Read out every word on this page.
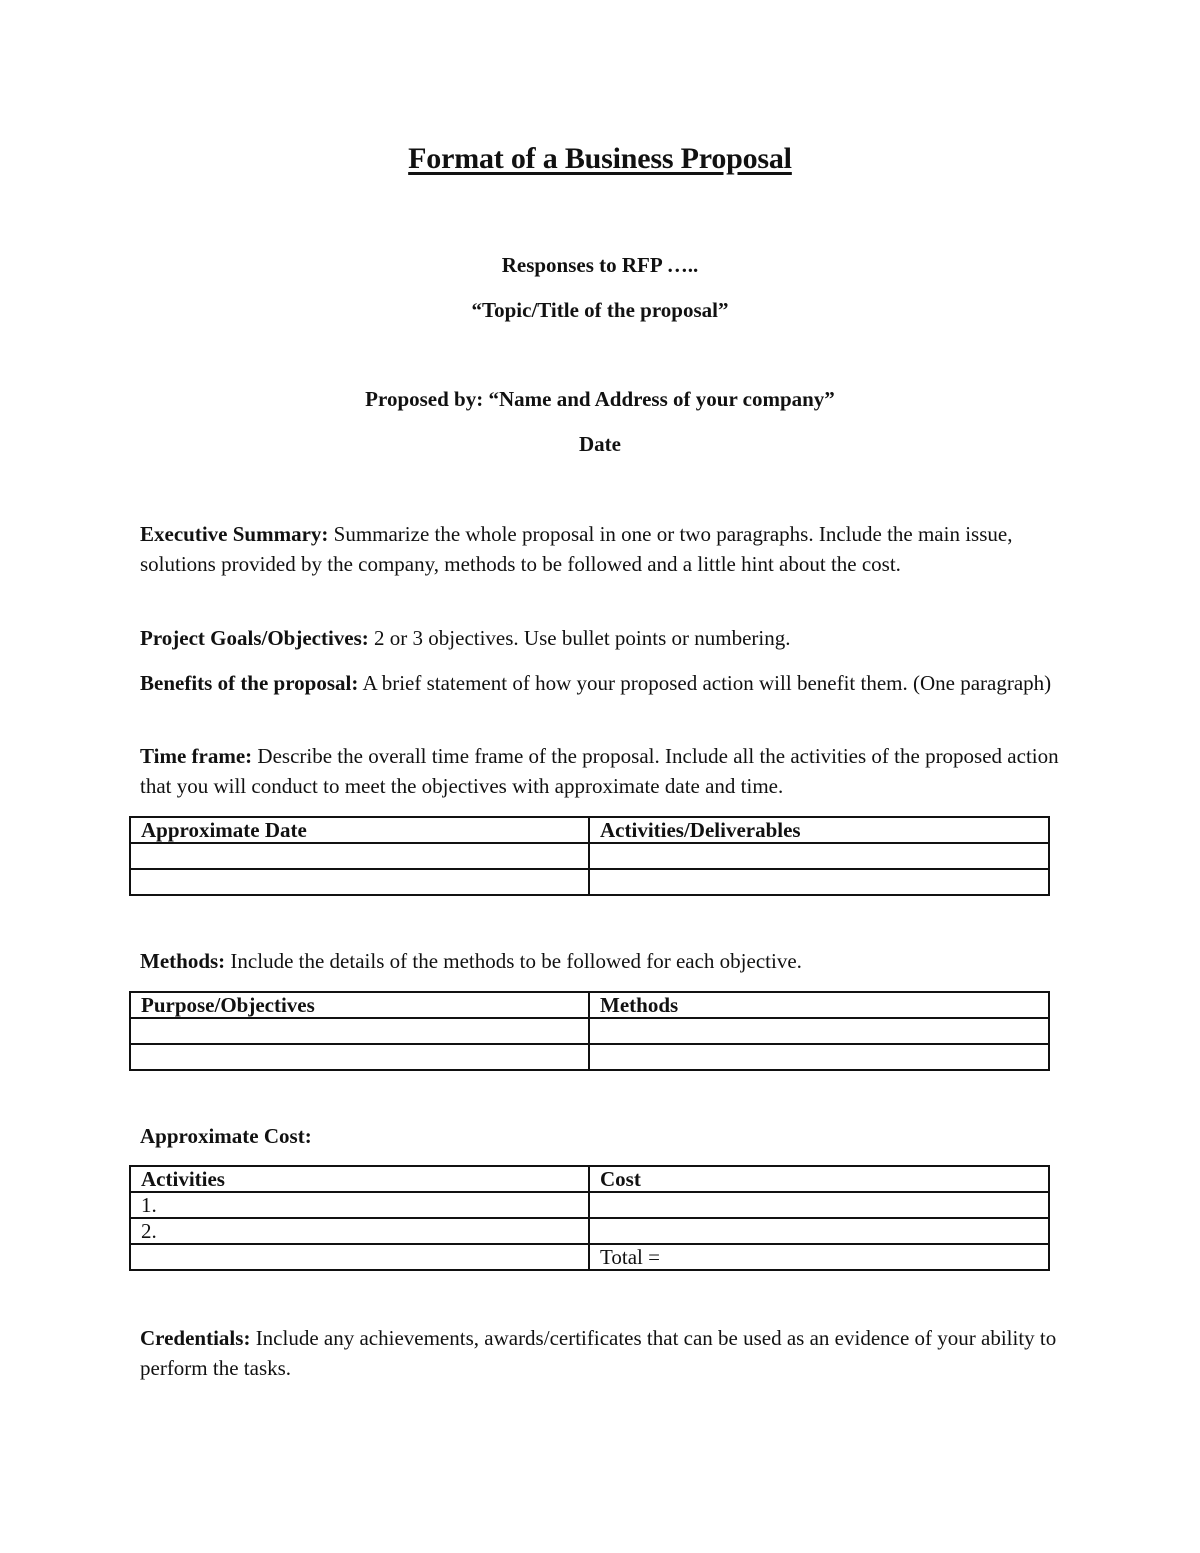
Format of a Business Proposal
Responses to RFP …..
“Topic/Title of the proposal”
Proposed by: “Name and Address of your company”
Date
Executive Summary: Summarize the whole proposal in one or two paragraphs. Include the main issue, solutions provided by the company, methods to be followed and a little hint about the cost.
Project Goals/Objectives: 2 or 3 objectives. Use bullet points or numbering.
Benefits of the proposal: A brief statement of how your proposed action will benefit them. (One paragraph)
Time frame: Describe the overall time frame of the proposal. Include all the activities of the proposed action that you will conduct to meet the objectives with approximate date and time.
Approximate Date	Activities/Deliverables

Methods: Include the details of the methods to be followed for each objective.
Purpose/Objectives	Methods

Approximate Cost:
Activities	Cost
1.	
2.	
	Total =
Credentials: Include any achievements, awards/certificates that can be used as an evidence of your ability to perform the tasks.
